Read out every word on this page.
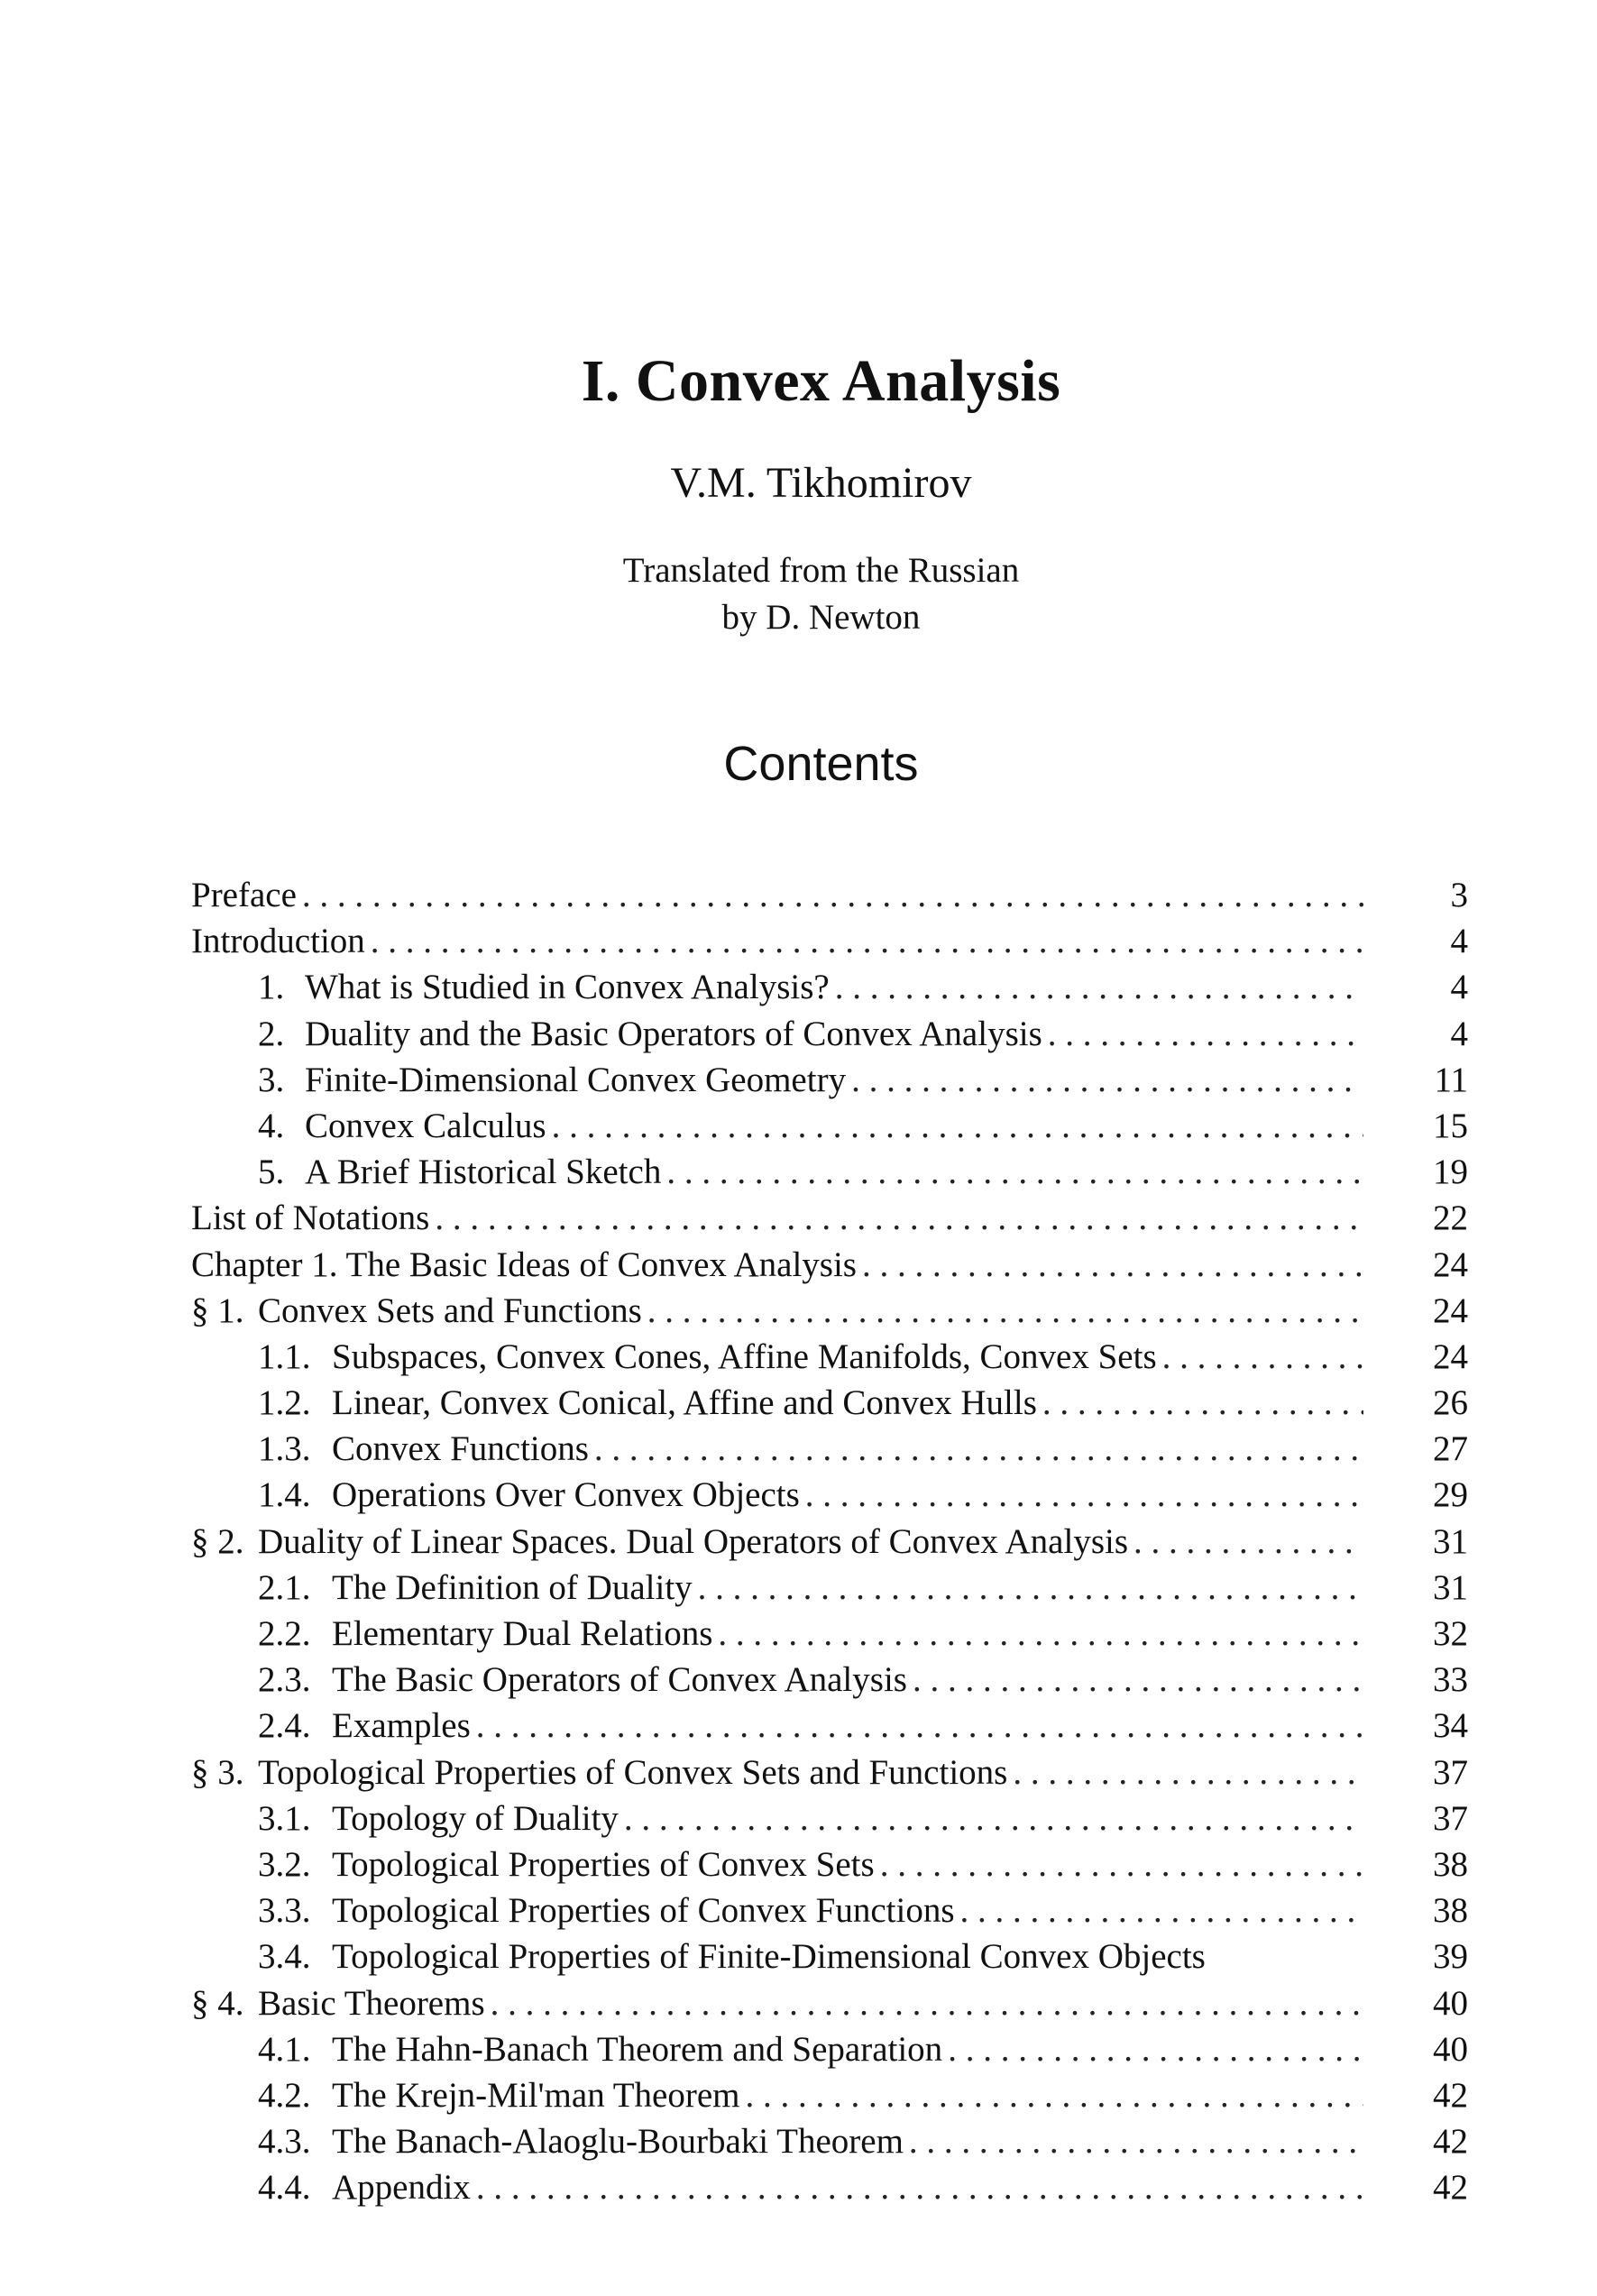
I. Convex Analysis
V.M. Tikhomirov
Translated from the Russian
by D. Newton
Contents
Preface . . .	3
Introduction . . .	4
1. What is Studied in Convex Analysis? . . .	4
2. Duality and the Basic Operators of Convex Analysis . . .	4
3. Finite-Dimensional Convex Geometry . . .	11
4. Convex Calculus . . .	15
5. A Brief Historical Sketch . . .	19
List of Notations . . .	22
Chapter 1. The Basic Ideas of Convex Analysis . . .	24
§ 1. Convex Sets and Functions . . .	24
1.1. Subspaces, Convex Cones, Affine Manifolds, Convex Sets . . .	24
1.2. Linear, Convex Conical, Affine and Convex Hulls . . .	26
1.3. Convex Functions . . .	27
1.4. Operations Over Convex Objects . . .	29
§ 2. Duality of Linear Spaces. Dual Operators of Convex Analysis . . .	31
2.1. The Definition of Duality . . .	31
2.2. Elementary Dual Relations . . .	32
2.3. The Basic Operators of Convex Analysis . . .	33
2.4. Examples . . .	34
§ 3. Topological Properties of Convex Sets and Functions . . .	37
3.1. Topology of Duality . . .	37
3.2. Topological Properties of Convex Sets . . .	38
3.3. Topological Properties of Convex Functions . . .	38
3.4. Topological Properties of Finite-Dimensional Convex Objects	39
§ 4. Basic Theorems . . .	40
4.1. The Hahn-Banach Theorem and Separation . . .	40
4.2. The Krejn-Mil'man Theorem . . .	42
4.3. The Banach-Alaoglu-Bourbaki Theorem . . .	42
4.4. Appendix . . .	42
